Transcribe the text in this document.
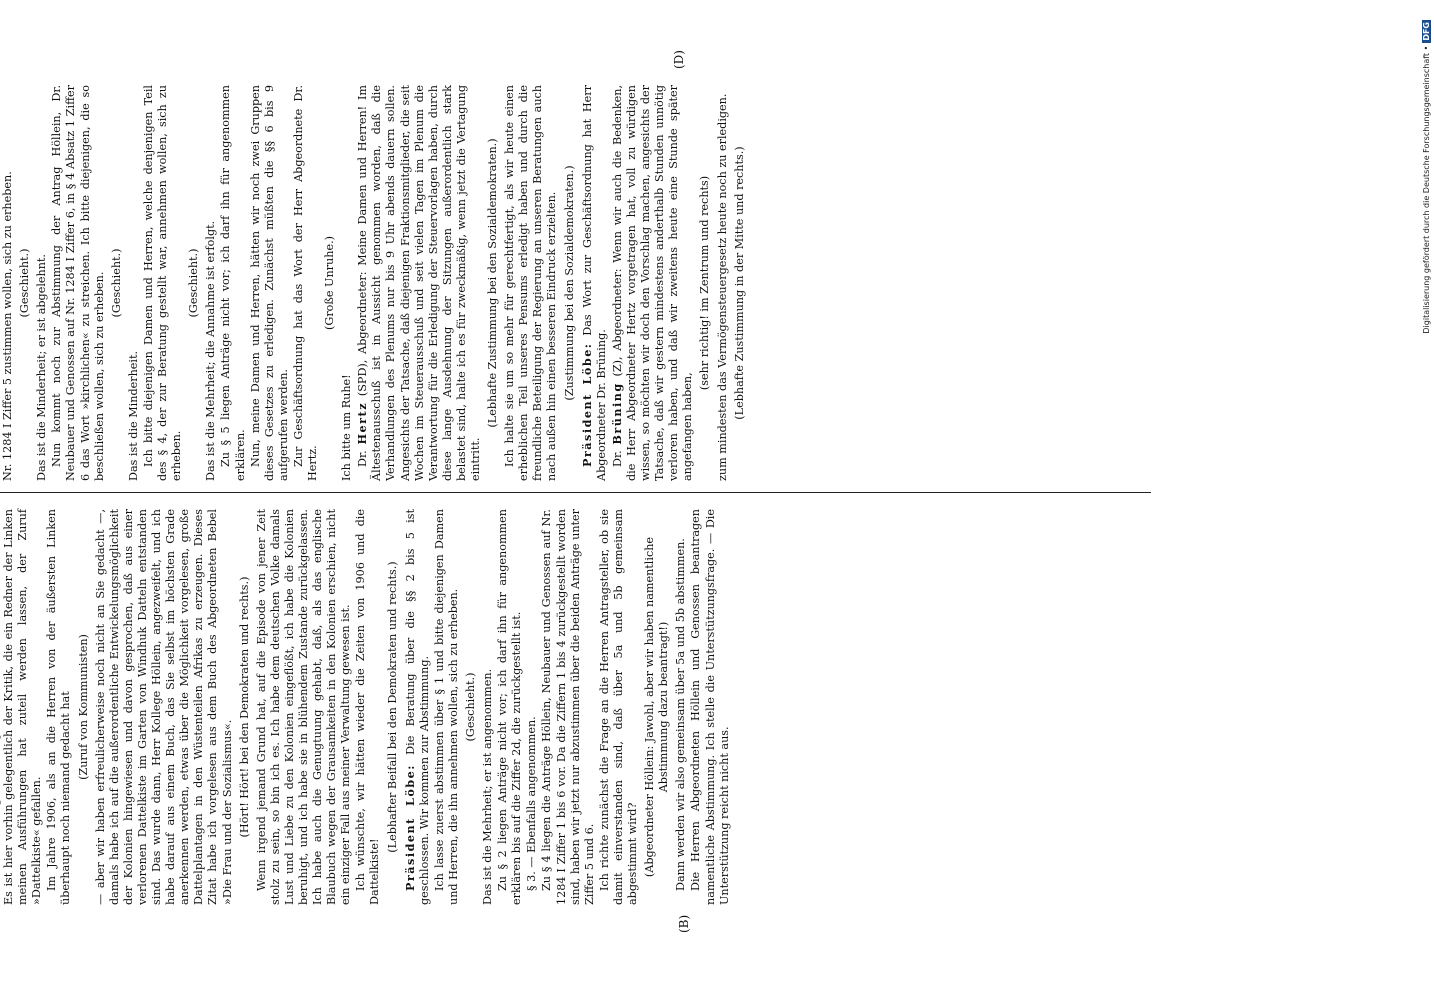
(B)
(D)

Es ist hier vorhin gelegentlich der Kritik, die ein Redner der Linken meinen Ausführungen hat zuteil werden lassen, der Zuruf »Dattelkiste« gefallen. Im Jahre 1906, als an die Herren von der äußersten Linken überhaupt noch niemand gedacht hat (Zuruf von Kommunisten) — aber wir haben erfreulicherweise noch nicht an Sie gedacht —, damals habe ich auf die außerordentliche Entwickelungsmöglichkeit der Kolonien hingewiesen und davon gesprochen, daß aus einer verlorenen Dattelkiste im Garten von Windhuk Datteln entstanden sind. Das wurde dann, Herr Kollege Höllein, angezweifelt, und ich habe darauf aus einem Buch, das Sie selbst im höchsten Grade anerkennen werden, etwas über die Möglichkeit vorgelesen, große Dattelplantagen in den Wüstenteilen Afrikas zu erzeugen. Dieses Zitat habe ich vorgelesen aus dem Buch des Abgeordneten Bebel »Die Frau und der Sozialismus«. (Hört! Hört! bei den Demokraten und rechts.) Wenn irgend jemand Grund hat, auf die Episode von jener Zeit stolz zu sein, so bin ich es. Ich habe dem deutschen Volke damals Lust und Liebe zu den Kolonien eingeflößt, ich habe die Kolonien beruhigt, und ich habe sie in blühendem Zustande zurückgelassen. Ich habe auch die Genugtuung gehabt, daß, als das englische Blaubuch wegen der Grausamkeiten in den Kolonien erschien, nicht ein einziger Fall aus meiner Verwaltung gewesen ist. Ich wünschte, wir hätten wieder die Zeiten von 1906 und die Dattelkiste!

(Lebhafter Beifall bei den Demokraten und rechts.) Präsident Löbe: Die Beratung über die §§ 2 bis 5 ist geschlossen. Wir kommen zur Abstimmung. Ich lasse zuerst abstimmen über § 1 und bitte diejenigen Damen und Herren, die ihn annehmen wollen, sich zu erheben. (Geschieht.) Das ist die Mehrheit; er ist angenommen. Zu § 2 liegen Anträge nicht vor; ich darf ihn für angenommen erklären bis auf die Ziffer 2d, die zurückgestellt ist. § 3. — Ebenfalls angenommen. Zu § 4 liegen die Anträge Höllein, Neubauer und Genossen auf Nr. 1284 I Ziffer 1 bis 6 vor. Da die Ziffern 1 bis 4 zurückgestellt worden sind, haben wir jetzt nur abzustimmen über die beiden Anträge unter Ziffer 5 und 6. Ich richte zunächst die Frage an die Herren Antragsteller, ob sie damit einverstanden sind, daß über 5a und 5b gemeinsam abgestimmt wird? (Abgeordneter Höllein: Jawohl, aber wir haben namentliche Abstimmung dazu beantragt!) Dann werden wir also gemeinsam über 5a und 5b abstimmen. Die Herren Abgeordneten Höllein und Genossen beantragen namentliche Abstimmung. Ich stelle die Unterstützungsfrage. — Die Unterstützung reicht nicht aus.

Nr. 1284 I Ziffer 5 zustimmen wollen, sich zu erheben.

(Geschieht.) Das ist die Minderheit; er ist abgelehnt. Nun kommt noch zur Abstimmung der Antrag Höllein, Dr. Neubauer und Genossen auf Nr. 1284 I Ziffer 6, in § 4 Absatz 1 Ziffer 6 das Wort »kirchlichen« zu streichen. Ich bitte diejenigen, die so beschließen wollen, sich zu erheben. (Geschieht.)

Das ist die Minderheit. Ich bitte diejenigen Damen und Herren, welche denjenigen Teil des § 4, der zur Beratung gestellt war, annehmen wollen, sich zu erheben.

(Geschieht.) Das ist die Mehrheit; die Annahme ist erfolgt. Zu § 5 liegen Anträge nicht vor; ich darf ihn für angenommen erklären. Nun, meine Damen und Herren, hätten wir noch zwei Gruppen dieses Gesetzes zu erledigen. Zunächst müßten die §§ 6 bis 9 aufgerufen werden. Zur Geschäftsordnung hat das Wort der Herr Abgeordnete Dr. Hertz.

(Große Unruhe.)

Ich bitte um Ruhe! Dr. Hertz (SPD), Abgeordneter: Meine Damen und Herren! Im Ältestenausschuß ist in Aussicht genommen worden, daß die Verhandlungen des Plenums nur bis 9 Uhr abends dauern sollen. Angesichts der Tatsache, daß diejenigen Fraktionsmitglieder, die seit Wochen im Steuerausschuß und seit vielen Tagen im Plenum die Verantwortung für die Erledigung der Steuervorlagen haben, durch diese lange Ausdehnung der Sitzungen außerordentlich stark belastet sind, halte ich es für zweckmäßig, wenn jetzt die Vertagung eintritt.

(Lebhafte Zustimmung bei den Sozialdemokraten.) Ich halte sie um so mehr für gerechtfertigt, als wir heute einen erheblichen Teil unseres Pensums erledigt haben und durch die freundliche Beteiligung der Regierung an unseren Beratungen auch nach außen hin einen besseren Eindruck erzielten. (Zustimmung bei den Sozialdemokraten.)

Präsident Löbe: Das Wort zur Geschäftsordnung hat Herr Abgeordneter Dr. Brüning. Dr. Brüning (Z), Abgeordneter: Wenn wir auch die Bedenken, die Herr Abgeordneter Hertz vorgetragen hat, voll zu würdigen wissen, so möchten wir doch den Vorschlag machen, angesichts der Tatsache, daß wir gestern mindestens anderthalb Stunden unnötig verloren haben, und daß wir zweitens heute eine Stunde später angefangen haben,

(sehr richtig! im Zentrum und rechts) zum mindesten das Vermögensteuergesetz heute noch zu erledigen. (Lebhafte Zustimmung in der Mitte und rechts.)	Digitalisierung gefördert durch die Deutsche Forschungsgemeinschaft •DFG
